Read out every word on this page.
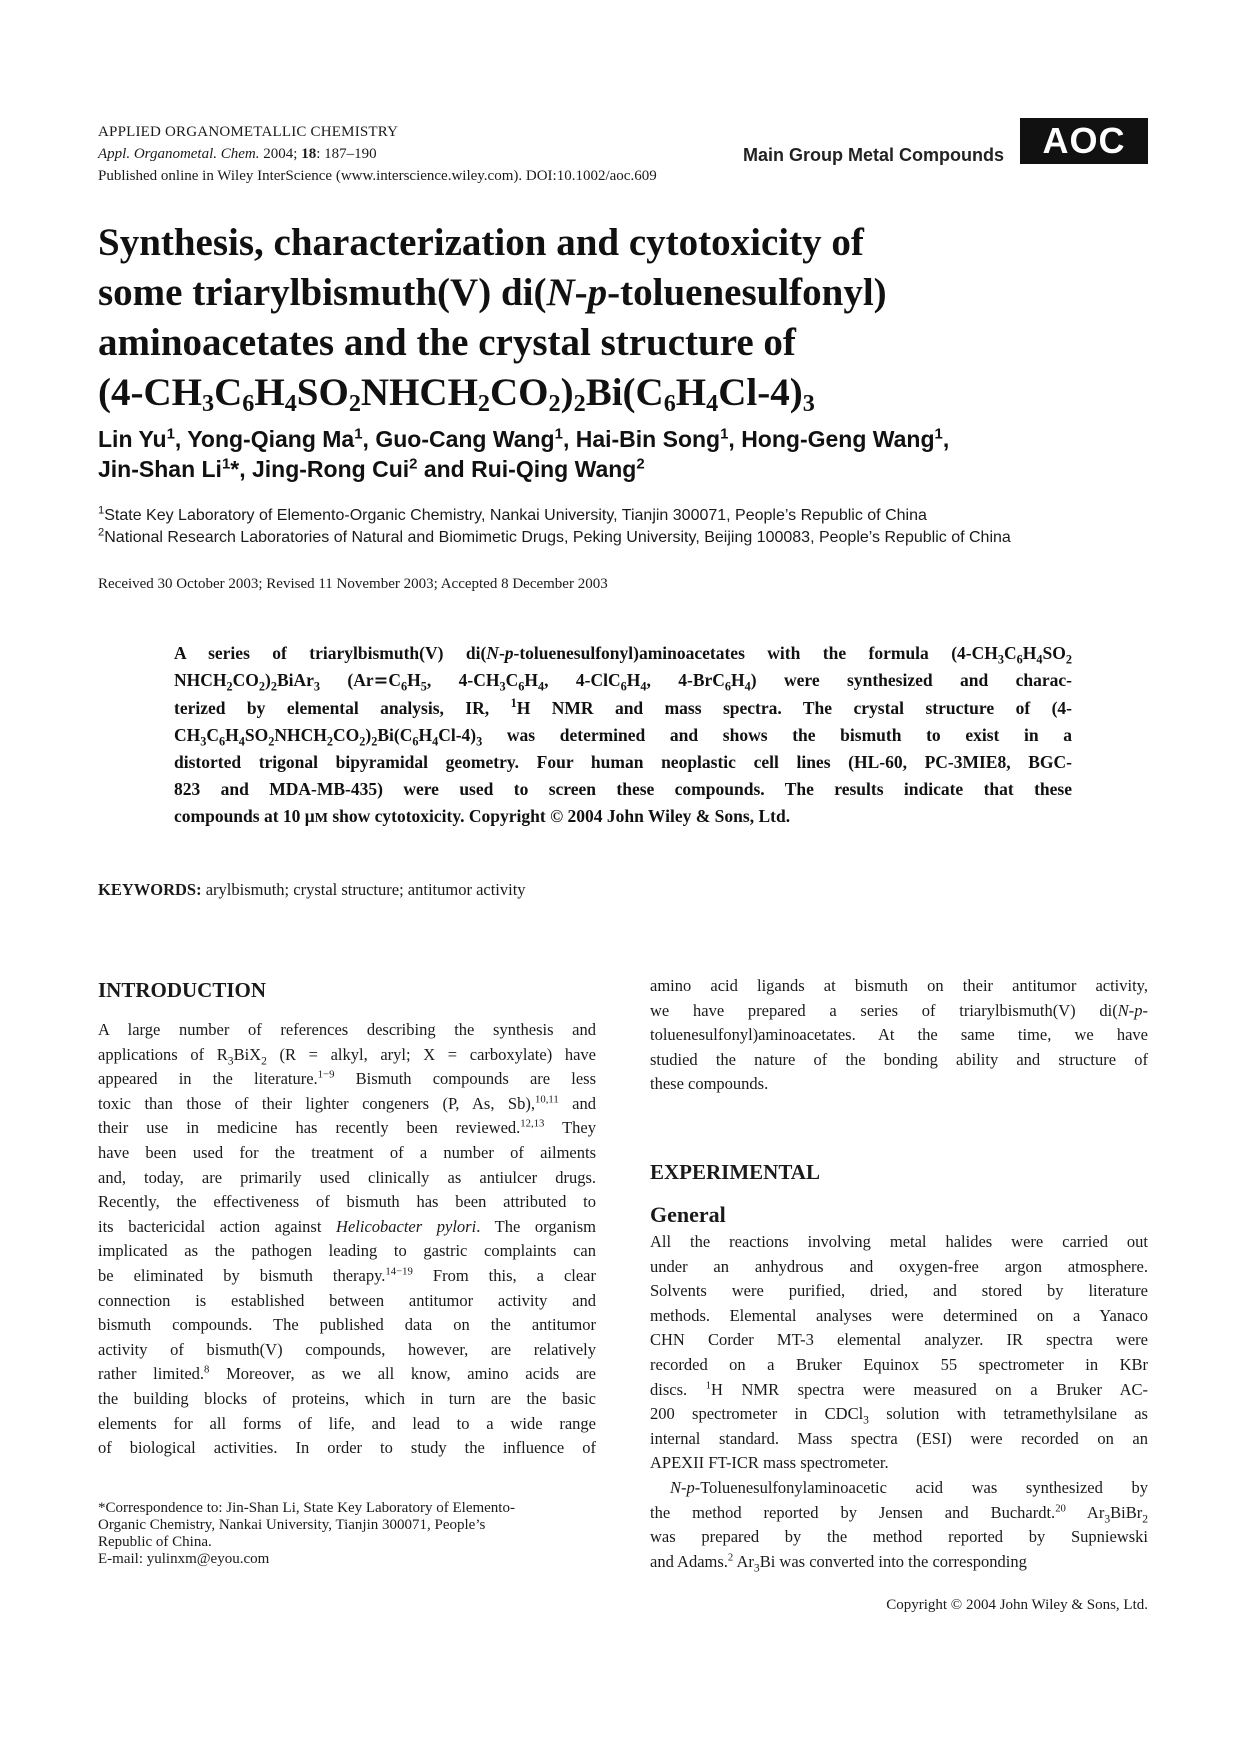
APPLIED ORGANOMETALLIC CHEMISTRY
Appl. Organometal. Chem. 2004; 18: 187–190
Published online in Wiley InterScience (www.interscience.wiley.com). DOI:10.1002/aoc.609
Main Group Metal Compounds	AOC
Synthesis, characterization and cytotoxicity of
some triarylbismuth(V) di(N-p-toluenesulfonyl)
aminoacetates and the crystal structure of
$(4-CH_3C_6H_4SO_2NHCH_2CO_2)_2Bi(C_6H_4Cl-4)_3$
Lin Yu$^1$, Yong-Qiang Ma$^1$, Guo-Cang Wang$^1$, Hai-Bin Song$^1$, Hong-Geng Wang$^1$,
Jin-Shan Li$^1$*, Jing-Rong Cui$^2$ and Rui-Qing Wang$^2$
$^1$State Key Laboratory of Elemento-Organic Chemistry, Nankai University, Tianjin 300071, People’s Republic of China
$^2$National Research Laboratories of Natural and Biomimetic Drugs, Peking University, Beijing 100083, People’s Republic of China
Received 30 October 2003; Revised 11 November 2003; Accepted 8 December 2003
A series of triarylbismuth(V) di(N-p-toluenesulfonyl)aminoacetates with the formula ($4-CH_3C_6H_4SO_2$
$NHCH_2CO_2)_2BiAr_3$ ($Ar=C_6H_5$, $4-CH_3C_6H_4$, $4-ClC_6H_4$, $4-BrC_6H_4$) were synthesized and charac-
terized by elemental analysis, IR, $^1$H NMR and mass spectra. The crystal structure of (4-
$CH_3C_6H_4SO_2NHCH_2CO_2)_2Bi(C_6H_4Cl-4)_3$ was determined and shows the bismuth to exist in a
distorted trigonal bipyramidal geometry. Four human neoplastic cell lines (HL-60, PC-3MIE8, BGC-
823 and MDA-MB-435) were used to screen these compounds. The results indicate that these
compounds at 10 μM show cytotoxicity. Copyright © 2004 John Wiley & Sons, Ltd.
KEYWORDS: arylbismuth; crystal structure; antitumor activity
INTRODUCTION
A large number of references describing the synthesis and
applications of $R_3BiX_2$ (R = alkyl, aryl; X = carboxylate) have
appeared in the literature.$^{1-9}$ Bismuth compounds are less
toxic than those of their lighter congeners (P, As, Sb),$^{10,11}$ and
their use in medicine has recently been reviewed.$^{12,13}$ They
have been used for the treatment of a number of ailments
and, today, are primarily used clinically as antiulcer drugs.
Recently, the effectiveness of bismuth has been attributed to
its bactericidal action against Helicobacter pylori. The organism
implicated as the pathogen leading to gastric complaints can
be eliminated by bismuth therapy.$^{14-19}$ From this, a clear
connection is established between antitumor activity and
bismuth compounds. The published data on the antitumor
activity of bismuth(V) compounds, however, are relatively
rather limited.$^8$ Moreover, as we all know, amino acids are
the building blocks of proteins, which in turn are the basic
elements for all forms of life, and lead to a wide range
of biological activities. In order to study the influence of
*Correspondence to: Jin-Shan Li, State Key Laboratory of Elemento-
Organic Chemistry, Nankai University, Tianjin 300071, People’s
Republic of China.
E-mail: yulinxm@eyou.com
amino acid ligands at bismuth on their antitumor activity,
we have prepared a series of triarylbismuth(V) di(N-p-
toluenesulfonyl)aminoacetates. At the same time, we have
studied the nature of the bonding ability and structure of
these compounds.
EXPERIMENTAL
General
All the reactions involving metal halides were carried out
under an anhydrous and oxygen-free argon atmosphere.
Solvents were purified, dried, and stored by literature
methods. Elemental analyses were determined on a Yanaco
CHN Corder MT-3 elemental analyzer. IR spectra were
recorded on a Bruker Equinox 55 spectrometer in KBr
discs. $^1$H NMR spectra were measured on a Bruker AC-
200 spectrometer in CDCl$_3$ solution with tetramethylsilane as
internal standard. Mass spectra (ESI) were recorded on an
APEXII FT-ICR mass spectrometer.
N-p-Toluenesulfonylaminoacetic acid was synthesized by
the method reported by Jensen and Buchardt.$^{20}$ $Ar_3BiBr_2$
was prepared by the method reported by Supniewski
and Adams.$^2$ $Ar_3Bi$ was converted into the corresponding
Copyright © 2004 John Wiley & Sons, Ltd.
